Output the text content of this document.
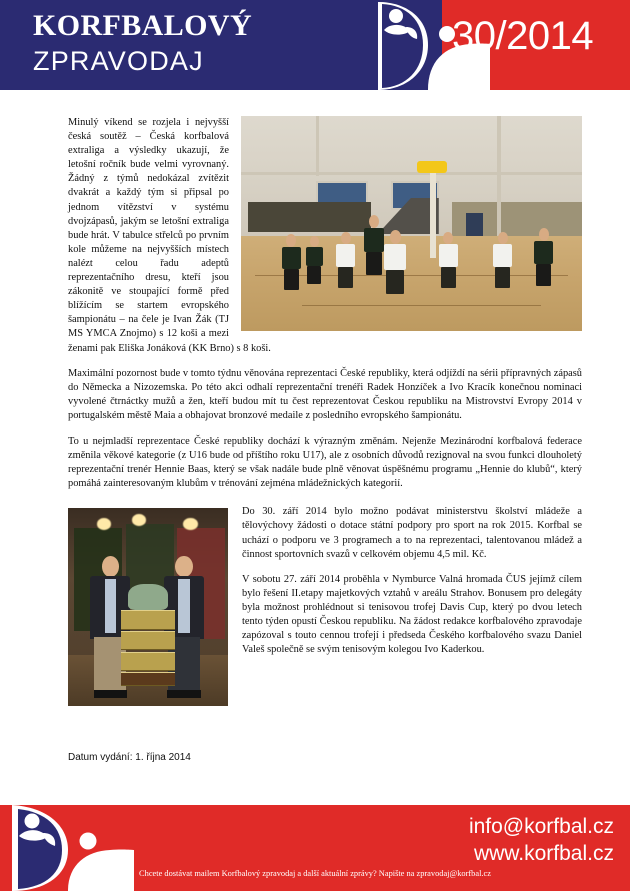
KORFBALOVÝ
ZPRAVODAJ
30/2014

Minulý víkend se rozjela i nejvyšší česká soutěž – Česká korfbalová extraliga a výsledky ukazují, že letošní ročník bude velmi vyrovnaný. Žádný z týmů nedokázal zvítězit dvakrát a každý tým si připsal po jednom vítězství v systému dvojzápasů, jakým se letošní extraliga bude hrát. V tabulce střelců po prvním kole můžeme na nejvyšších místech nalézt celou řadu adeptů reprezentačního dresu, kteří jsou zákonitě ve stoupající formě před blížícím se startem evropského šampionátu – na čele je Ivan Žák (TJ MS YMCA Znojmo) s 12 koši a mezi ženami pak Eliška Jonáková (KK Brno) s 8 koši.

Maximální pozornost bude v tomto týdnu věnována reprezentaci České republiky, která odjíždí na sérii přípravných zápasů do Německa a Nizozemska. Po této akci odhalí reprezentační trenéři Radek Honzíček a Ivo Kracík konečnou nominaci vyvolené čtrnáctky mužů a žen, kteří budou mít tu čest reprezentovat Českou republiku na Mistrovství Evropy 2014 v portugalském městě Maia a obhajovat bronzové medaile z posledního evropského šampionátu.

To u nejmladší reprezentace České republiky dochází k výrazným změnám. Nejenže Mezinárodní korfbalová federace změnila věkové kategorie (z U16 bude od příštího roku U17), ale z osobních důvodů rezignoval na svou funkci dlouholetý reprezentační trenér Hennie Baas, který se však nadále bude plně věnovat úspěšnému programu „Hennie do klubů“, který pomáhá zainteresovaným klubům v trénování zejména mládežnických kategorií.

Do 30. září 2014 bylo možno podávat ministerstvu školství mládeže a tělovýchovy žádosti o dotace státní podpory pro sport na rok 2015. Korfbal se uchází o podporu ve 3 programech a to na reprezentaci, talentovanou mládež a činnost sportovních svazů v celkovém objemu 4,5 mil. Kč.

V sobotu 27. září 2014 proběhla v Nymburce Valná hromada ČUS jejímž cílem bylo řešení II.etapy majetkových vztahů v areálu Strahov. Bonusem pro delegáty byla možnost prohlédnout si tenisovou trofej Davis Cup, který po dvou letech tento týden opustí Českou republiku. Na žádost redakce korfbalového zpravodaje zapózoval s touto cennou trofejí i předseda Českého korfbalového svazu Daniel Valeš společně se svým tenisovým kolegou Ivo Kaderkou.

Datum vydání: 1. října 2014
info@korfbal.cz
www.korfbal.cz
Chcete dostávat mailem Korfbalový zpravodaj a další aktuální zprávy? Napište na zpravodaj@korfbal.cz
